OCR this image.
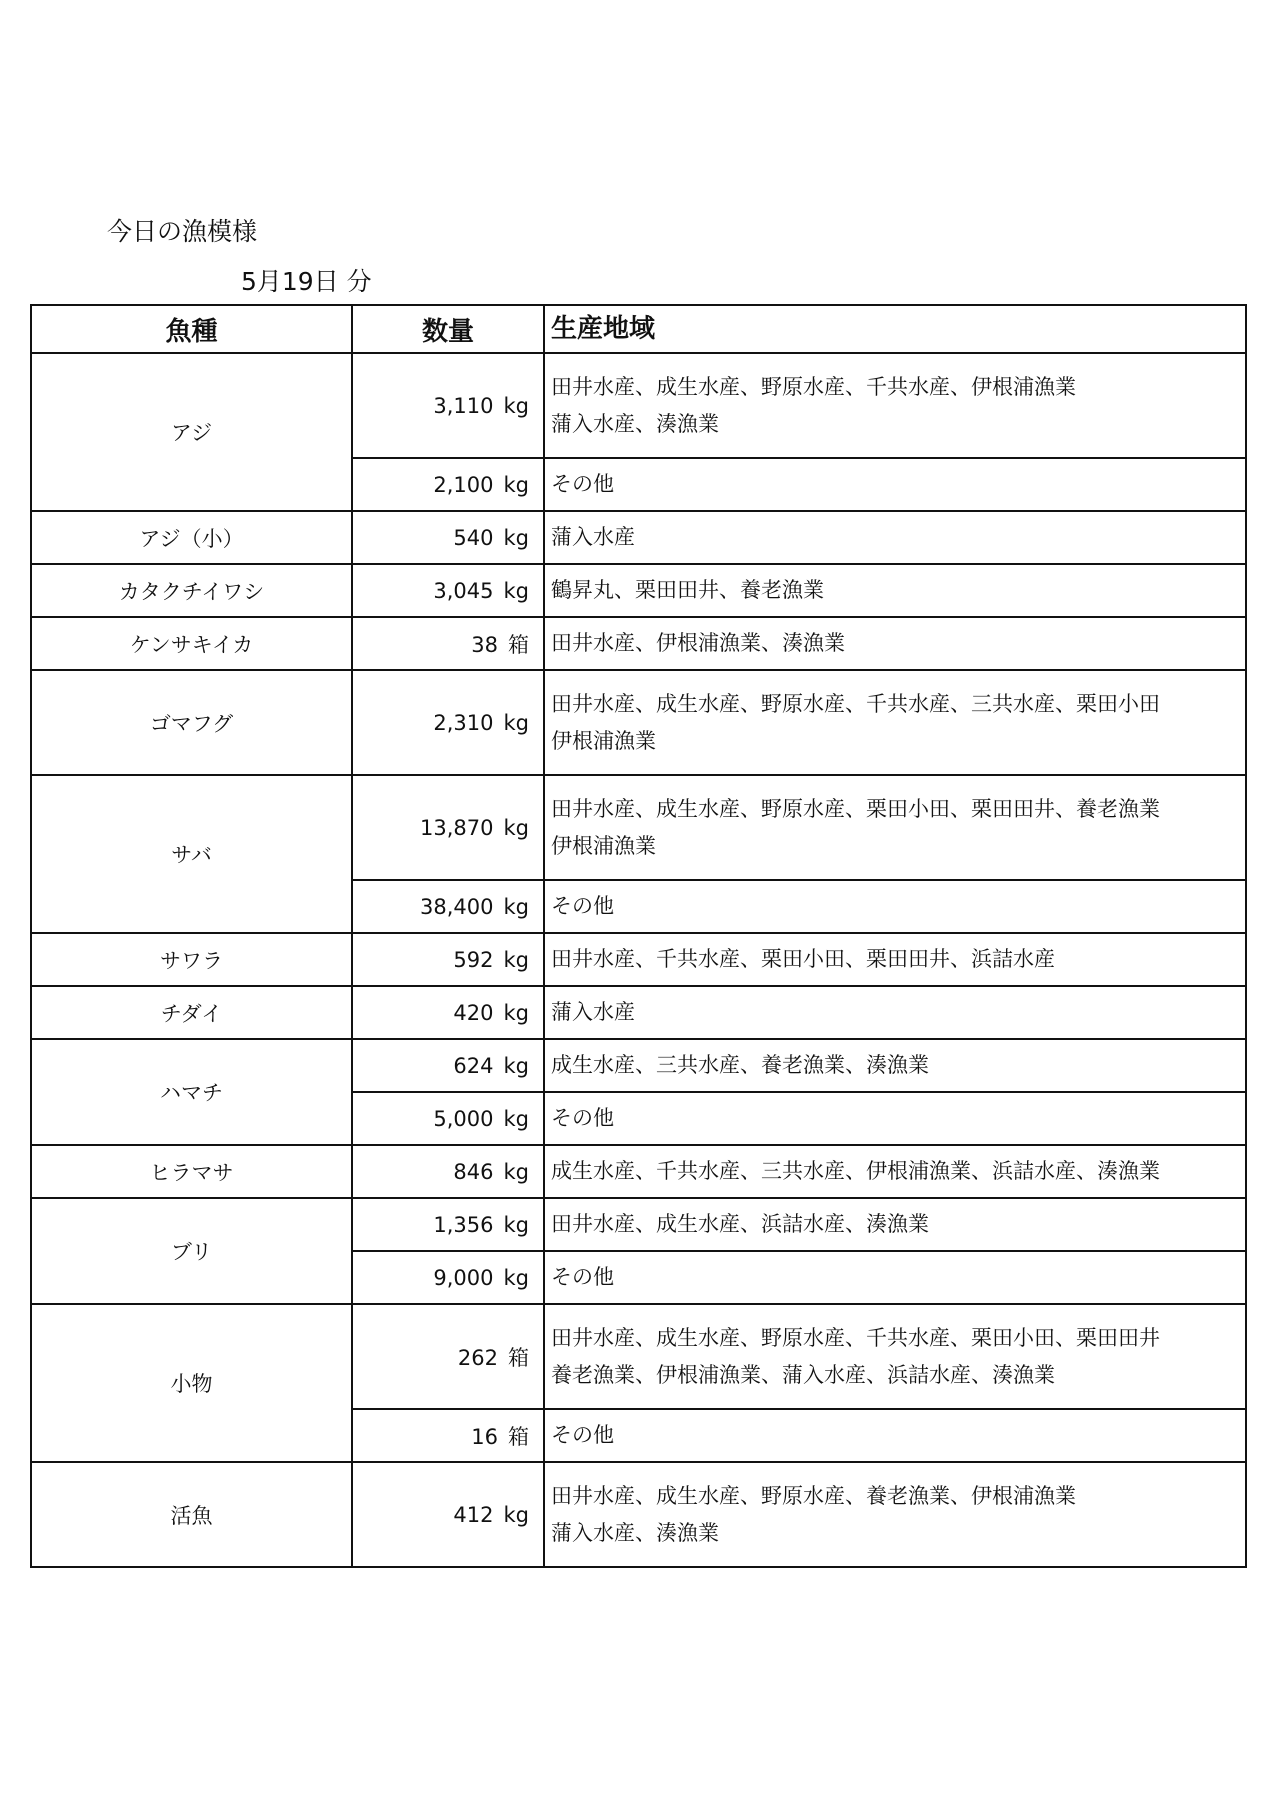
今日の漁模様
5月19日 分
魚種	数量	生産地域
アジ	3,110 kg	田井水産、成生水産、野原水産、千共水産、伊根浦漁業
蒲入水産、湊漁業

	2,100 kg	その他

アジ（小）	540 kg	蒲入水産

カタクチイワシ	3,045 kg	鶴昇丸、栗田田井、養老漁業

ケンサキイカ	38 箱	田井水産、伊根浦漁業、湊漁業

ゴマフグ	2,310 kg	田井水産、成生水産、野原水産、千共水産、三共水産、栗田小田
伊根浦漁業

サバ	13,870 kg	田井水産、成生水産、野原水産、栗田小田、栗田田井、養老漁業
伊根浦漁業

	38,400 kg	その他

サワラ	592 kg	田井水産、千共水産、栗田小田、栗田田井、浜詰水産

チダイ	420 kg	蒲入水産

ハマチ	624 kg	成生水産、三共水産、養老漁業、湊漁業

	5,000 kg	その他

ヒラマサ	846 kg	成生水産、千共水産、三共水産、伊根浦漁業、浜詰水産、湊漁業

ブリ	1,356 kg	田井水産、成生水産、浜詰水産、湊漁業

	9,000 kg	その他

小物	262 箱	田井水産、成生水産、野原水産、千共水産、栗田小田、栗田田井
養老漁業、伊根浦漁業、蒲入水産、浜詰水産、湊漁業

	16 箱	その他

活魚	412 kg	田井水産、成生水産、野原水産、養老漁業、伊根浦漁業
蒲入水産、湊漁業
